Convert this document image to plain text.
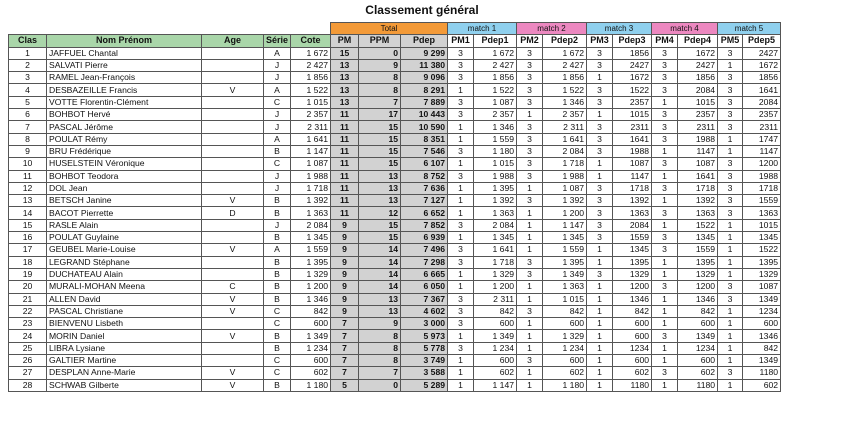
Classement général
					Total			match 1		match 2		match 3		match 4		match 5	
Clas	Nom Prénom	Age	Série	Cote	PM	PPM	Pdep	PM1	Pdep1	PM2	Pdep2	PM3	Pdep3	PM4	Pdep4	PM5	Pdep5
1	JAFFUEL Chantal		A	1 672	15	0	9 299	3	1 672	3	1 672	3	1856	3	1672	3	2427
2	SALVATI Pierre		J	2 427	13	9	11 380	3	2 427	3	2 427	3	2427	3	2427	1	1672
3	RAMEL Jean-François		J	1 856	13	8	9 096	3	1 856	3	1 856	1	1672	3	1856	3	1856
4	DESBAZEILLE Francis	V	A	1 522	13	8	8 291	1	1 522	3	1 522	3	1522	3	2084	3	1641
5	VOTTE Florentin-Clément		C	1 015	13	7	7 889	3	1 087	3	1 346	3	2357	1	1015	3	2084
6	BOHBOT Hervé		J	2 357	11	17	10 443	3	2 357	1	2 357	1	1015	3	2357	3	2357
7	PASCAL Jérôme		J	2 311	11	15	10 590	1	1 346	3	2 311	3	2311	3	2311	3	2311
8	POULAT Rémy		A	1 641	11	15	8 351	1	1 559	3	1 641	3	1641	3	1988	1	1747
9	BRU Frédérique		B	1 147	11	15	7 546	3	1 180	3	2 084	3	1988	1	1147	1	1147
10	HUSELSTEIN Véronique		C	1 087	11	15	6 107	1	1 015	3	1 718	1	1087	3	1087	3	1200
11	BOHBOT Teodora		J	1 988	11	13	8 752	3	1 988	3	1 988	1	1147	1	1641	3	1988
12	DOL Jean		J	1 718	11	13	7 636	1	1 395	1	1 087	3	1718	3	1718	3	1718
13	BETSCH Janine	V	B	1 392	11	13	7 127	1	1 392	3	1 392	3	1392	1	1392	3	1559
14	BACOT Pierrette	D	B	1 363	11	12	6 652	1	1 363	1	1 200	3	1363	3	1363	3	1363
15	RASLE Alain		J	2 084	9	15	7 852	3	2 084	1	1 147	3	2084	1	1522	1	1015
16	POULAT Guylaine		B	1 345	9	15	6 939	1	1 345	1	1 345	3	1559	3	1345	1	1345
17	GEUBEL Marie-Louise	V	A	1 559	9	14	7 496	3	1 641	1	1 559	1	1345	3	1559	1	1522
18	LEGRAND Stéphane		B	1 395	9	14	7 298	3	1 718	3	1 395	1	1395	1	1395	1	1395
19	DUCHATEAU Alain		B	1 329	9	14	6 665	1	1 329	3	1 349	3	1329	1	1329	1	1329
20	MURALI-MOHAN Meena	C	B	1 200	9	14	6 050	1	1 200	1	1 363	1	1200	3	1200	3	1087
21	ALLEN David	V	B	1 346	9	13	7 367	3	2 311	1	1 015	1	1346	1	1346	3	1349
22	PASCAL Christiane	V	C	842	9	13	4 602	3	842	3	842	1	842	1	842	1	1234
23	BIENVENU Lisbeth		C	600	7	9	3 000	3	600	1	600	1	600	1	600	1	600
24	MORIN Daniel	V	B	1 349	7	8	5 973	1	1 349	1	1 329	1	600	3	1349	1	1346
25	LIBRA Lysiane		B	1 234	7	8	5 778	3	1 234	1	1 234	1	1234	1	1234	1	842
26	GALTIER Martine		C	600	7	8	3 749	1	600	3	600	1	600	1	600	1	1349
27	DESPLAN Anne-Marie	V	C	602	7	7	3 588	1	602	1	602	1	602	3	602	3	1180
28	SCHWAB Gilberte	V	B	1 180	5	0	5 289	1	1 147	1	1 180	1	1180	1	1180	1	602
